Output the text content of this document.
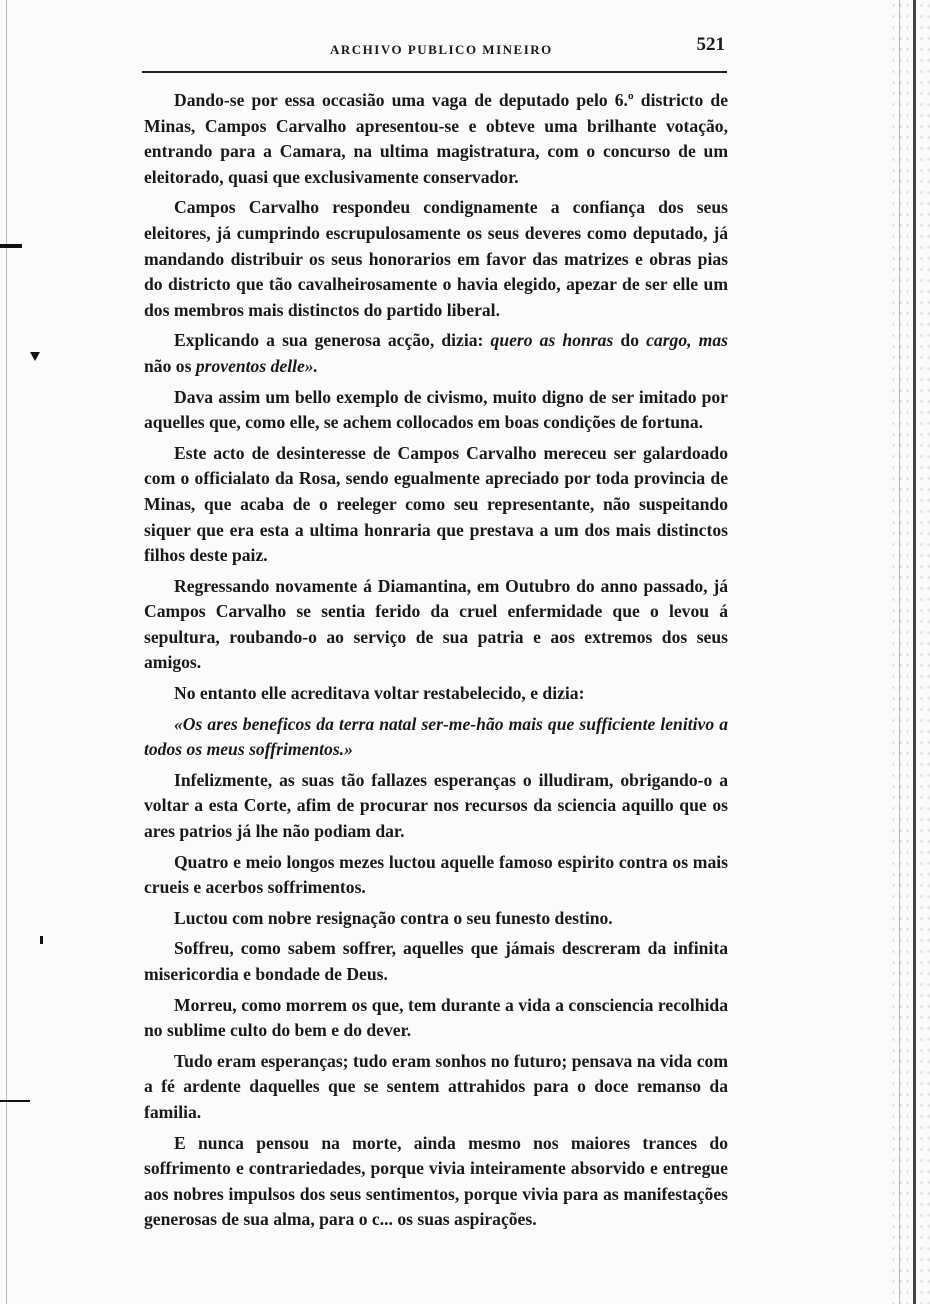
ARCHIVO PUBLICO MINEIRO	521

Dando-se por essa occasião uma vaga de deputado pelo 6.º districto de Minas, Campos Carvalho apresentou-se e obteve uma brilhante votação, entrando para a Camara, na ultima magistratura, com o concurso de um eleitorado, quasi que exclusivamente conservador.

Campos Carvalho respondeu condignamente a confiança dos seus eleitores, já cumprindo escrupulosamente os seus deveres como deputado, já mandando distribuir os seus honorarios em favor das matrizes e obras pias do districto que tão cavalheirosamente o havia elegido, apezar de ser elle um dos membros mais distinctos do partido liberal.

Explicando a sua generosa acção, dizia: quero as honras do cargo, mas não os proventos delle».

Dava assim um bello exemplo de civismo, muito digno de ser imitado por aquelles que, como elle, se achem collocados em boas condições de fortuna.

Este acto de desinteresse de Campos Carvalho mereceu ser galardoado com o officialato da Rosa, sendo egualmente apreciado por toda provincia de Minas, que acaba de o reeleger como seu representante, não suspeitando siquer que era esta a ultima honraria que prestava a um dos mais distinctos filhos deste paiz.

Regressando novamente á Diamantina, em Outubro do anno passado, já Campos Carvalho se sentia ferido da cruel enfermidade que o levou á sepultura, roubando-o ao serviço de sua patria e aos extremos dos seus amigos.

No entanto elle acreditava voltar restabelecido, e dizia:

«Os ares beneficos da terra natal ser-me-hão mais que sufficiente lenitivo a todos os meus soffrimentos.»

Infelizmente, as suas tão fallazes esperanças o illudiram, obrigando-o a voltar a esta Corte, afim de procurar nos recursos da sciencia aquillo que os ares patrios já lhe não podiam dar.

Quatro e meio longos mezes luctou aquelle famoso espirito contra os mais crueis e acerbos soffrimentos.

Luctou com nobre resignação contra o seu funesto destino.

Soffreu, como sabem soffrer, aquelles que jámais descreram da infinita misericordia e bondade de Deus.

Morreu, como morrem os que, tem durante a vida a consciencia recolhida no sublime culto do bem e do dever.

Tudo eram esperanças; tudo eram sonhos no futuro; pensava na vida com a fé ardente daquelles que se sentem attrahidos para o doce remanso da familia.

E nunca pensou na morte, ainda mesmo nos maiores trances do soffrimento e contrariedades, porque vivia inteiramente absorvido e entregue aos nobres impulsos dos seus sentimentos, porque vivia para as manifestações generosas de sua alma, para o c... os suas aspirações.
